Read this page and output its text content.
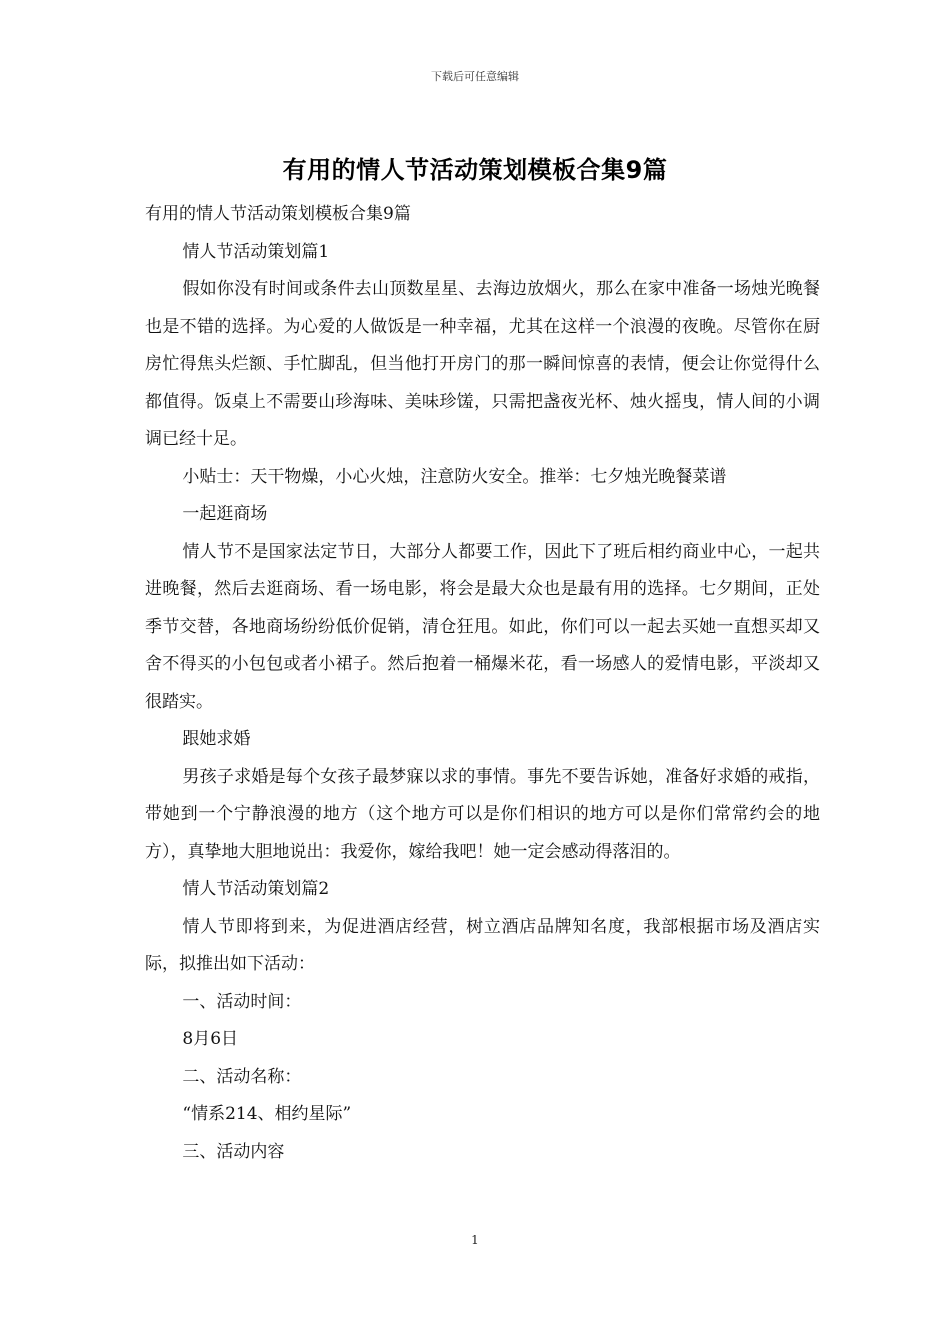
下载后可任意编辑
有用的情人节活动策划模板合集9篇

有用的情人节活动策划模板合集9篇

情人节活动策划篇1

假如你没有时间或条件去山顶数星星、去海边放烟火，那么在家中准备一场烛光晚餐也是不错的选择。为心爱的人做饭是一种幸福，尤其在这样一个浪漫的夜晚。尽管你在厨房忙得焦头烂额、手忙脚乱，但当他打开房门的那一瞬间惊喜的表情，便会让你觉得什么都值得。饭桌上不需要山珍海味、美味珍馐，只需把盏夜光杯、烛火摇曳，情人间的小调调已经十足。

小贴士：天干物燥，小心火烛，注意防火安全。推举：七夕烛光晚餐菜谱

一起逛商场

情人节不是国家法定节日，大部分人都要工作，因此下了班后相约商业中心，一起共进晚餐，然后去逛商场、看一场电影，将会是最大众也是最有用的选择。七夕期间，正处季节交替，各地商场纷纷低价促销，清仓狂甩。如此，你们可以一起去买她一直想买却又舍不得买的小包包或者小裙子。然后抱着一桶爆米花，看一场感人的爱情电影，平淡却又很踏实。

跟她求婚

男孩子求婚是每个女孩子最梦寐以求的事情。事先不要告诉她，准备好求婚的戒指，带她到一个宁静浪漫的地方（这个地方可以是你们相识的地方可以是你们常常约会的地方），真挚地大胆地说出：我爱你，嫁给我吧！她一定会感动得落泪的。

情人节活动策划篇2

情人节即将到来，为促进酒店经营，树立酒店品牌知名度，我部根据市场及酒店实际，拟推出如下活动：

一、活动时间：

8月6日

二、活动名称：

“情系214、相约星际”

三、活动内容

1
